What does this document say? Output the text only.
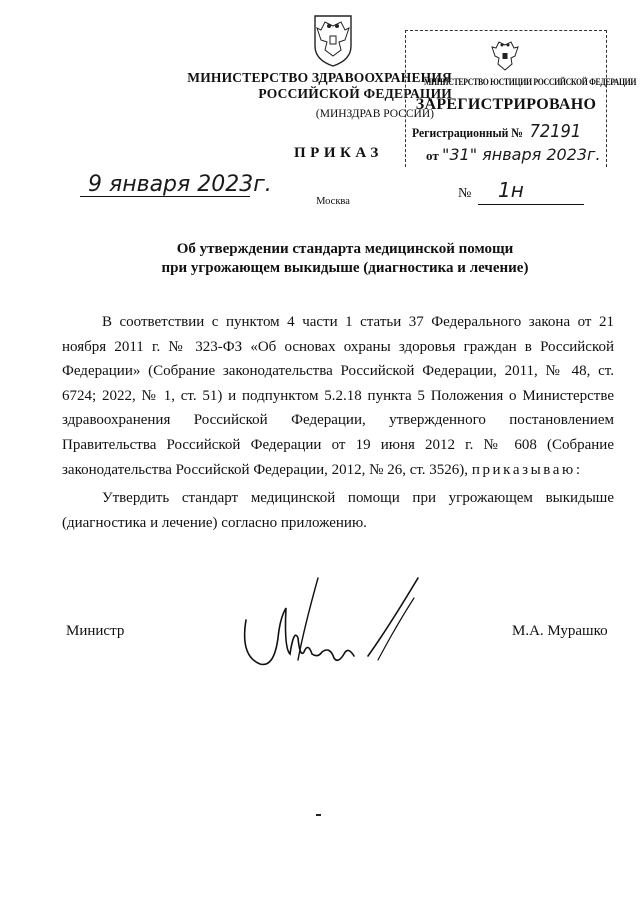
МИНИСТЕРСТВО ЗДРАВООХРАНЕНИЯ
РОССИЙСКОЙ ФЕДЕРАЦИИ
(МИНЗДРАВ РОССИИ)
МИНИСТЕРСТВО ЮСТИЦИИ РОССИЙСКОЙ ФЕДЕРАЦИИ
ЗАРЕГИСТРИРОВАНО
Регистрационный № 72191
от "31" января 2023г.
ПРИКАЗ
9 января 2023г.	№ 1н
Москва
Об утверждении стандарта медицинской помощи
при угрожающем выкидыше (диагностика и лечение)

В соответствии с пунктом 4 части 1 статьи 37 Федерального закона от 21 ноября 2011 г. № 323-ФЗ «Об основах охраны здоровья граждан в Российской Федерации» (Собрание законодательства Российской Федерации, 2011, № 48, ст. 6724; 2022, № 1, ст. 51) и подпунктом 5.2.18 пункта 5 Положения о Министерстве здравоохранения Российской Федерации, утвержденного постановлением Правительства Российской Федерации от 19 июня 2012 г. № 608 (Собрание законодательства Российской Федерации, 2012, № 26, ст. 3526), приказываю:

Утвердить стандарт медицинской помощи при угрожающем выкидыше (диагностика и лечение) согласно приложению.

Министр	М.А. Мурашко
